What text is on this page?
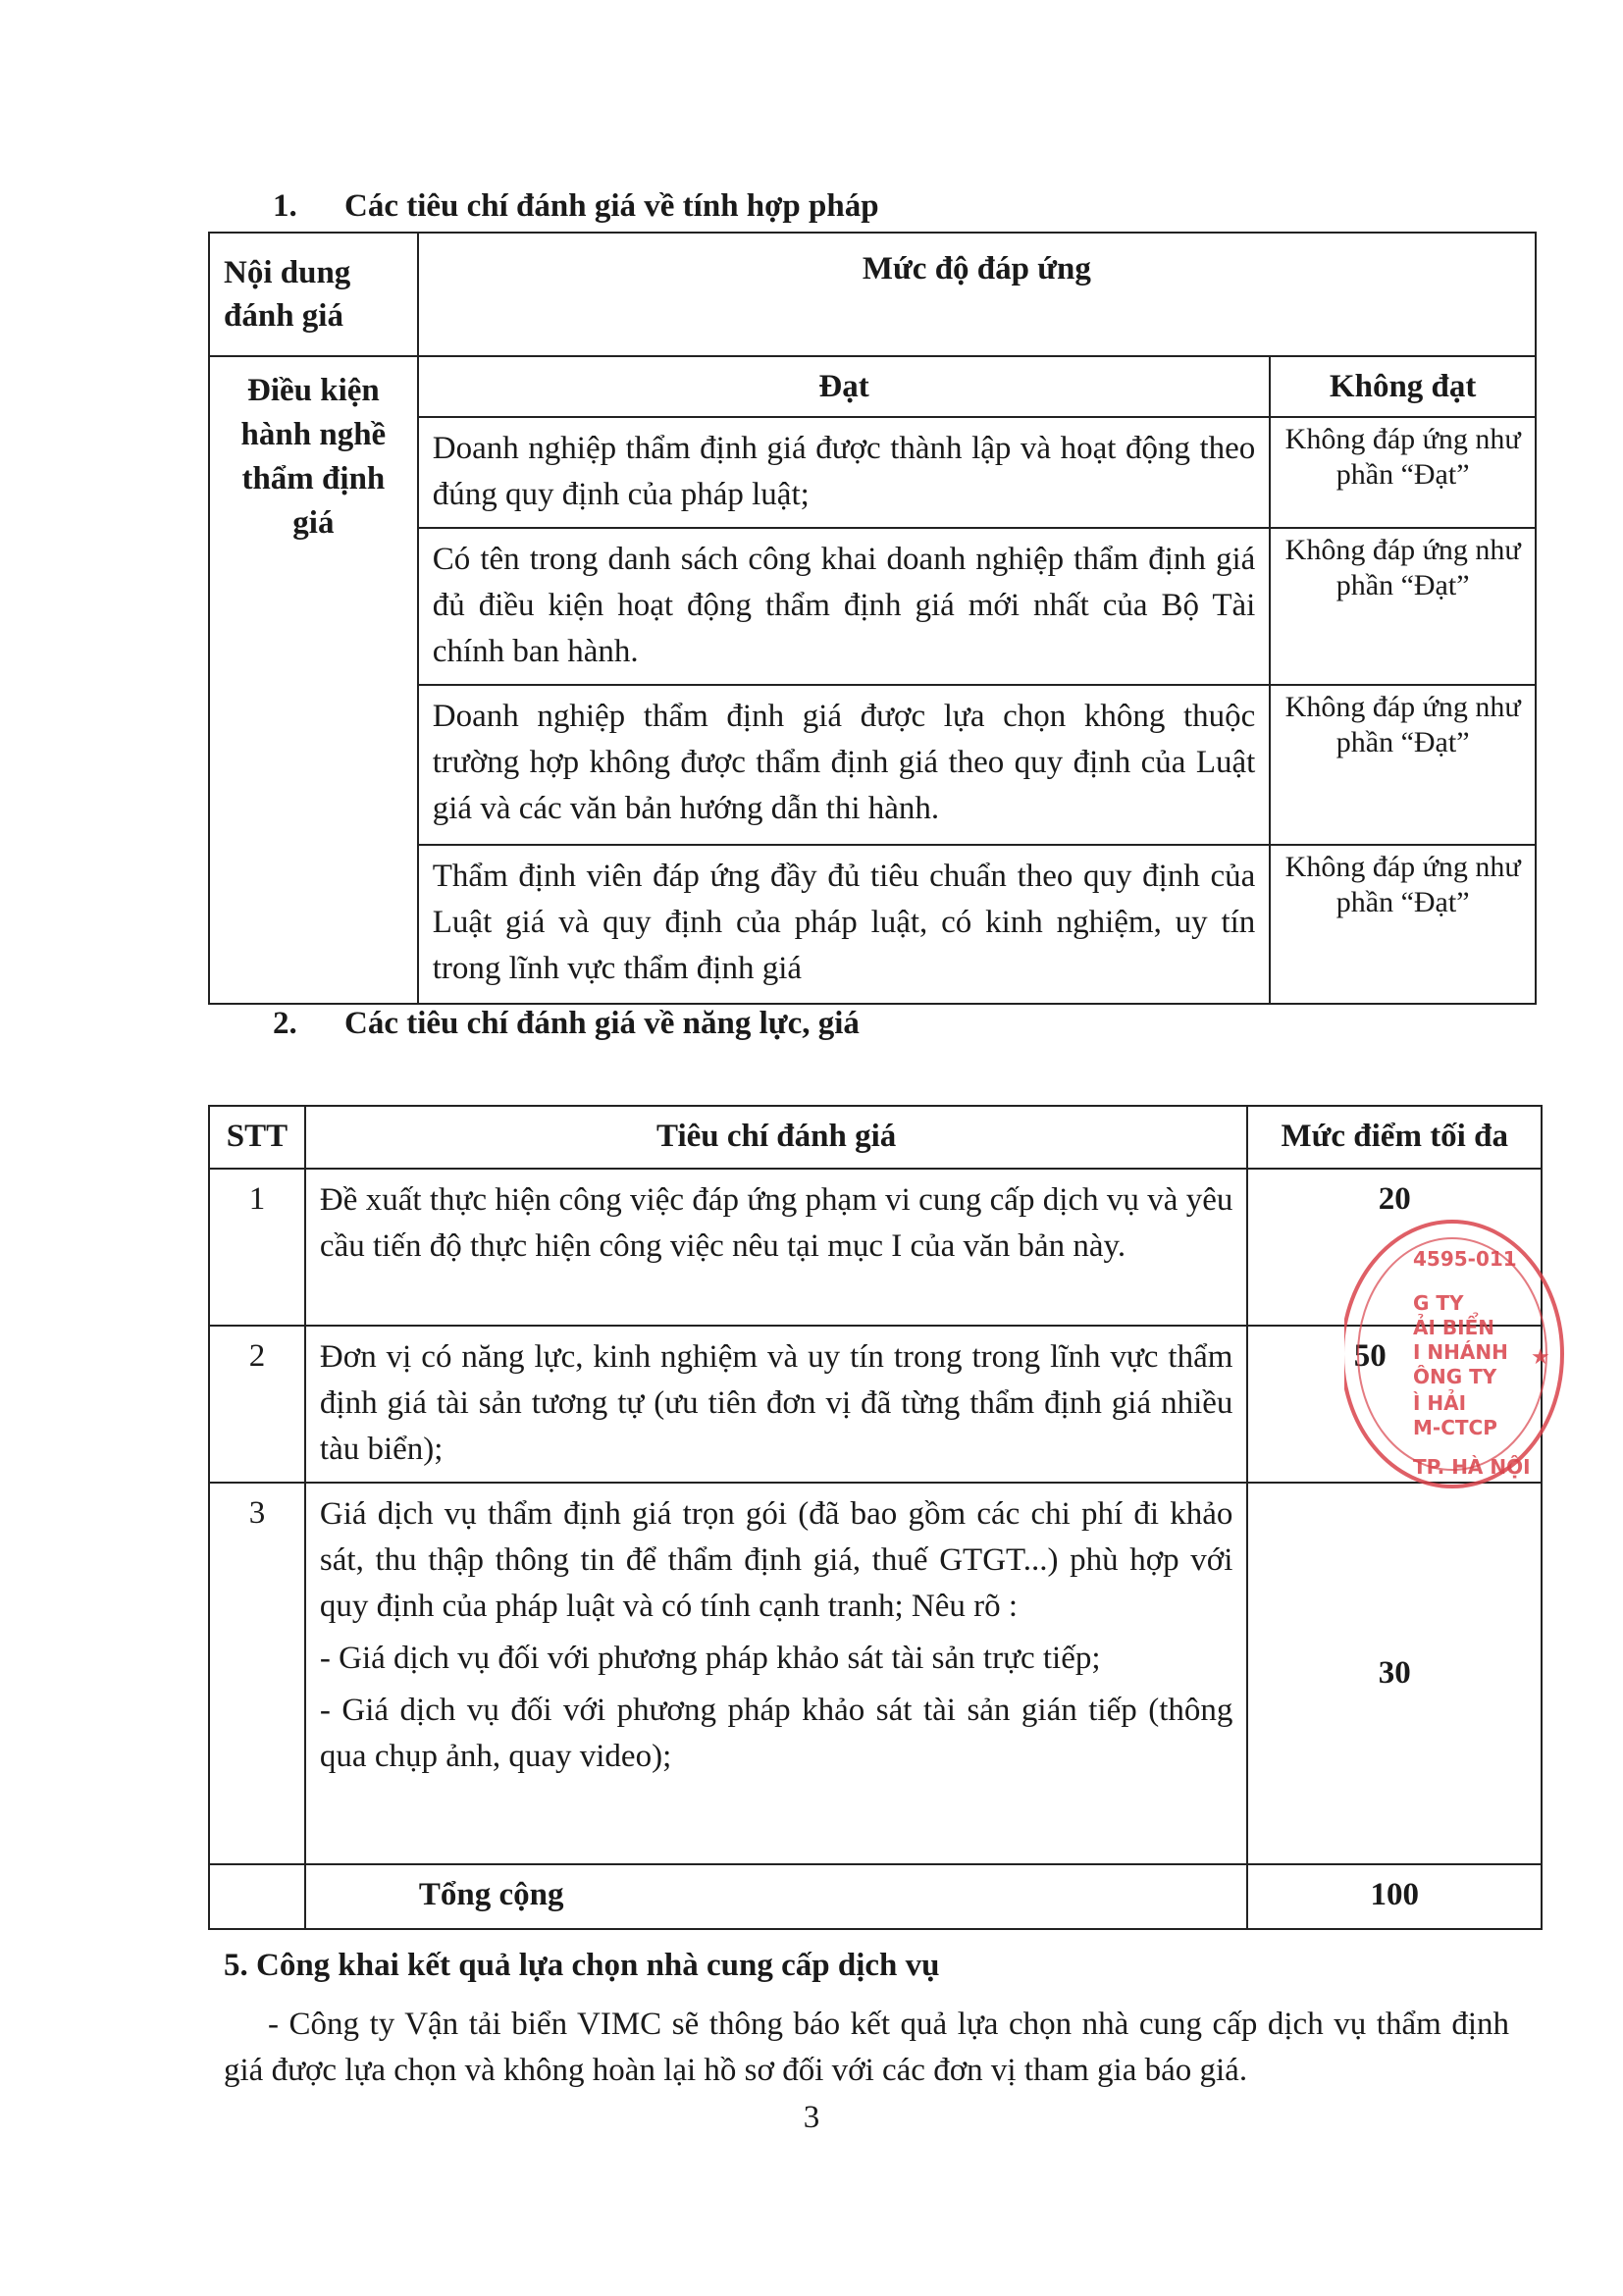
1. Các tiêu chí đánh giá về tính hợp pháp
Nội dung đánh giá	Mức độ đáp ứng	

Điều kiện hành nghề thẩm định giá	Đạt	Không đạt

	Doanh nghiệp thẩm định giá được thành lập và hoạt động theo đúng quy định của pháp luật;	Không đáp ứng như phần “Đạt”

	Có tên trong danh sách công khai doanh nghiệp thẩm định giá đủ điều kiện hoạt động thẩm định giá mới nhất của Bộ Tài chính ban hành.	Không đáp ứng như phần “Đạt”

	Doanh nghiệp thẩm định giá được lựa chọn không thuộc trường hợp không được thẩm định giá theo quy định của Luật giá và các văn bản hướng dẫn thi hành.	Không đáp ứng như phần “Đạt”

	Thẩm định viên đáp ứng đầy đủ tiêu chuẩn theo quy định của Luật giá và quy định của pháp luật, có kinh nghiệm, uy tín trong lĩnh vực thẩm định giá	Không đáp ứng như phần “Đạt”
2. Các tiêu chí đánh giá về năng lực, giá
STT	Tiêu chí đánh giá	Mức điểm tối đa

1	Đề xuất thực hiện công việc đáp ứng phạm vi cung cấp dịch vụ và yêu cầu tiến độ thực hiện công việc nêu tại mục I của văn bản này.	20

2	Đơn vị có năng lực, kinh nghiệm và uy tín trong trong lĩnh vực thẩm định giá tài sản tương tự (ưu tiên đơn vị đã từng thẩm định giá nhiều tàu biển);	50

3	Giá dịch vụ thẩm định giá trọn gói (đã bao gồm các chi phí đi khảo sát, thu thập thông tin để thẩm định giá, thuế GTGT...) phù hợp với quy định của pháp luật và có tính cạnh tranh; Nêu rõ :
- Giá dịch vụ đối với phương pháp khảo sát tài sản trực tiếp;
- Giá dịch vụ đối với phương pháp khảo sát tài sản gián tiếp (thông qua chụp ảnh, quay video);	30

	Tổng cộng	100
4595-011
G TY
ẢI BIỂN
I NHÁNH
ÔNG TY
Ì HẢI
M-CTCP
TP. HÀ NỘI
★
5. Công khai kết quả lựa chọn nhà cung cấp dịch vụ
- Công ty Vận tải biển VIMC sẽ thông báo kết quả lựa chọn nhà cung cấp dịch vụ thẩm định giá được lựa chọn và không hoàn lại hồ sơ đối với các đơn vị tham gia báo giá.
3
